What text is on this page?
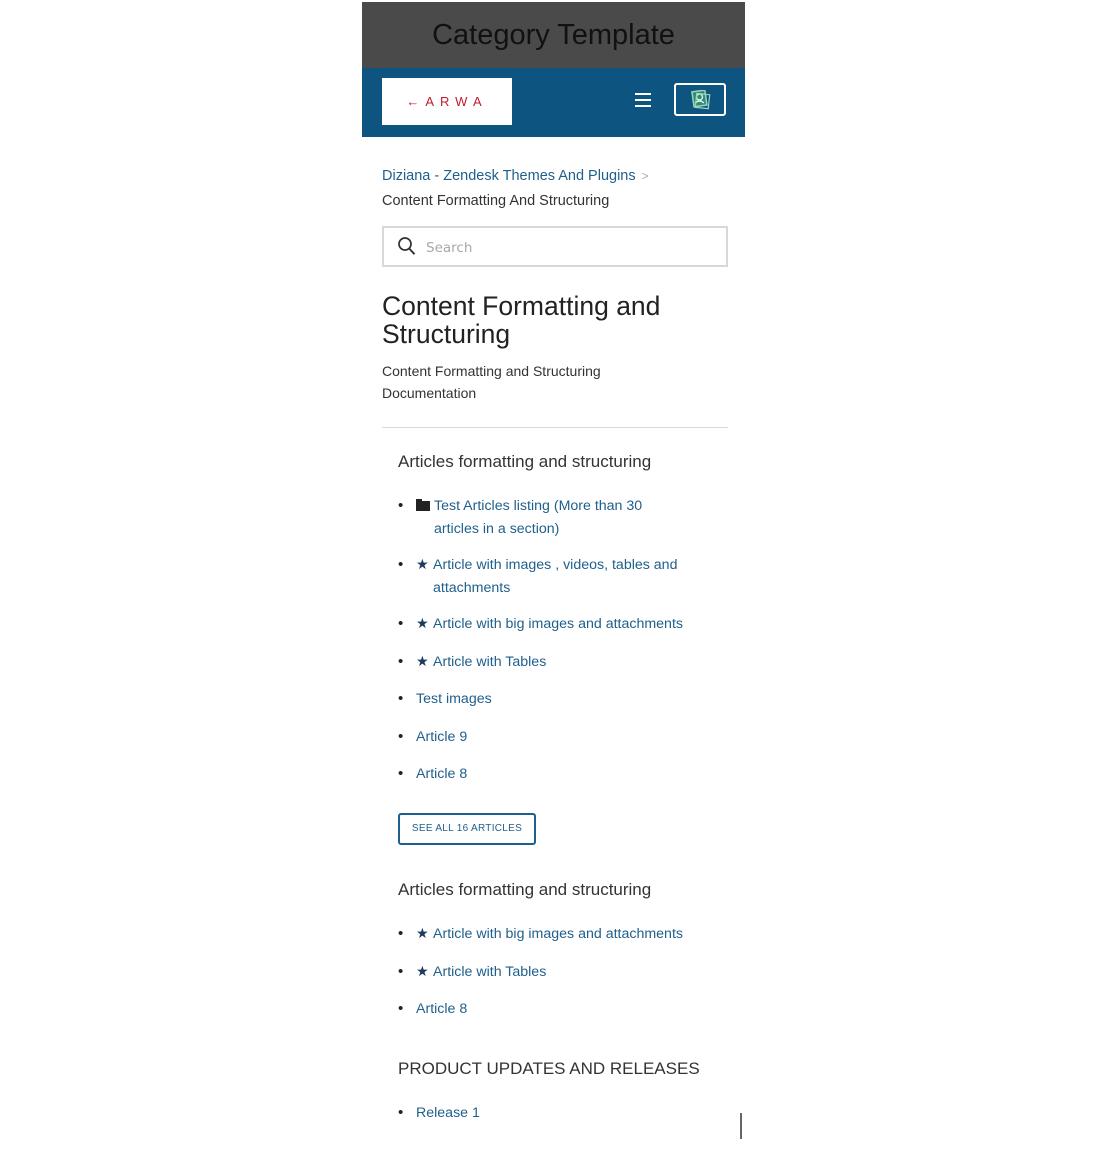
Category Template
←ARWA
Diziana - Zendesk Themes And Plugins >
Content Formatting And Structuring
Search
Content Formatting and Structuring

Content Formatting and Structuring Documentation

Articles formatting and structuring
• Test Articles listing (More than 30 articles in a section)
• ★ Article with images , videos, tables and attachments
• ★ Article with big images and attachments
• ★ Article with Tables
• Test images
• Article 9
• Article 8
SEE ALL 16 ARTICLES
Articles formatting and structuring
• ★ Article with big images and attachments
• ★ Article with Tables
• Article 8
PRODUCT UPDATES AND RELEASES
• Release 1
